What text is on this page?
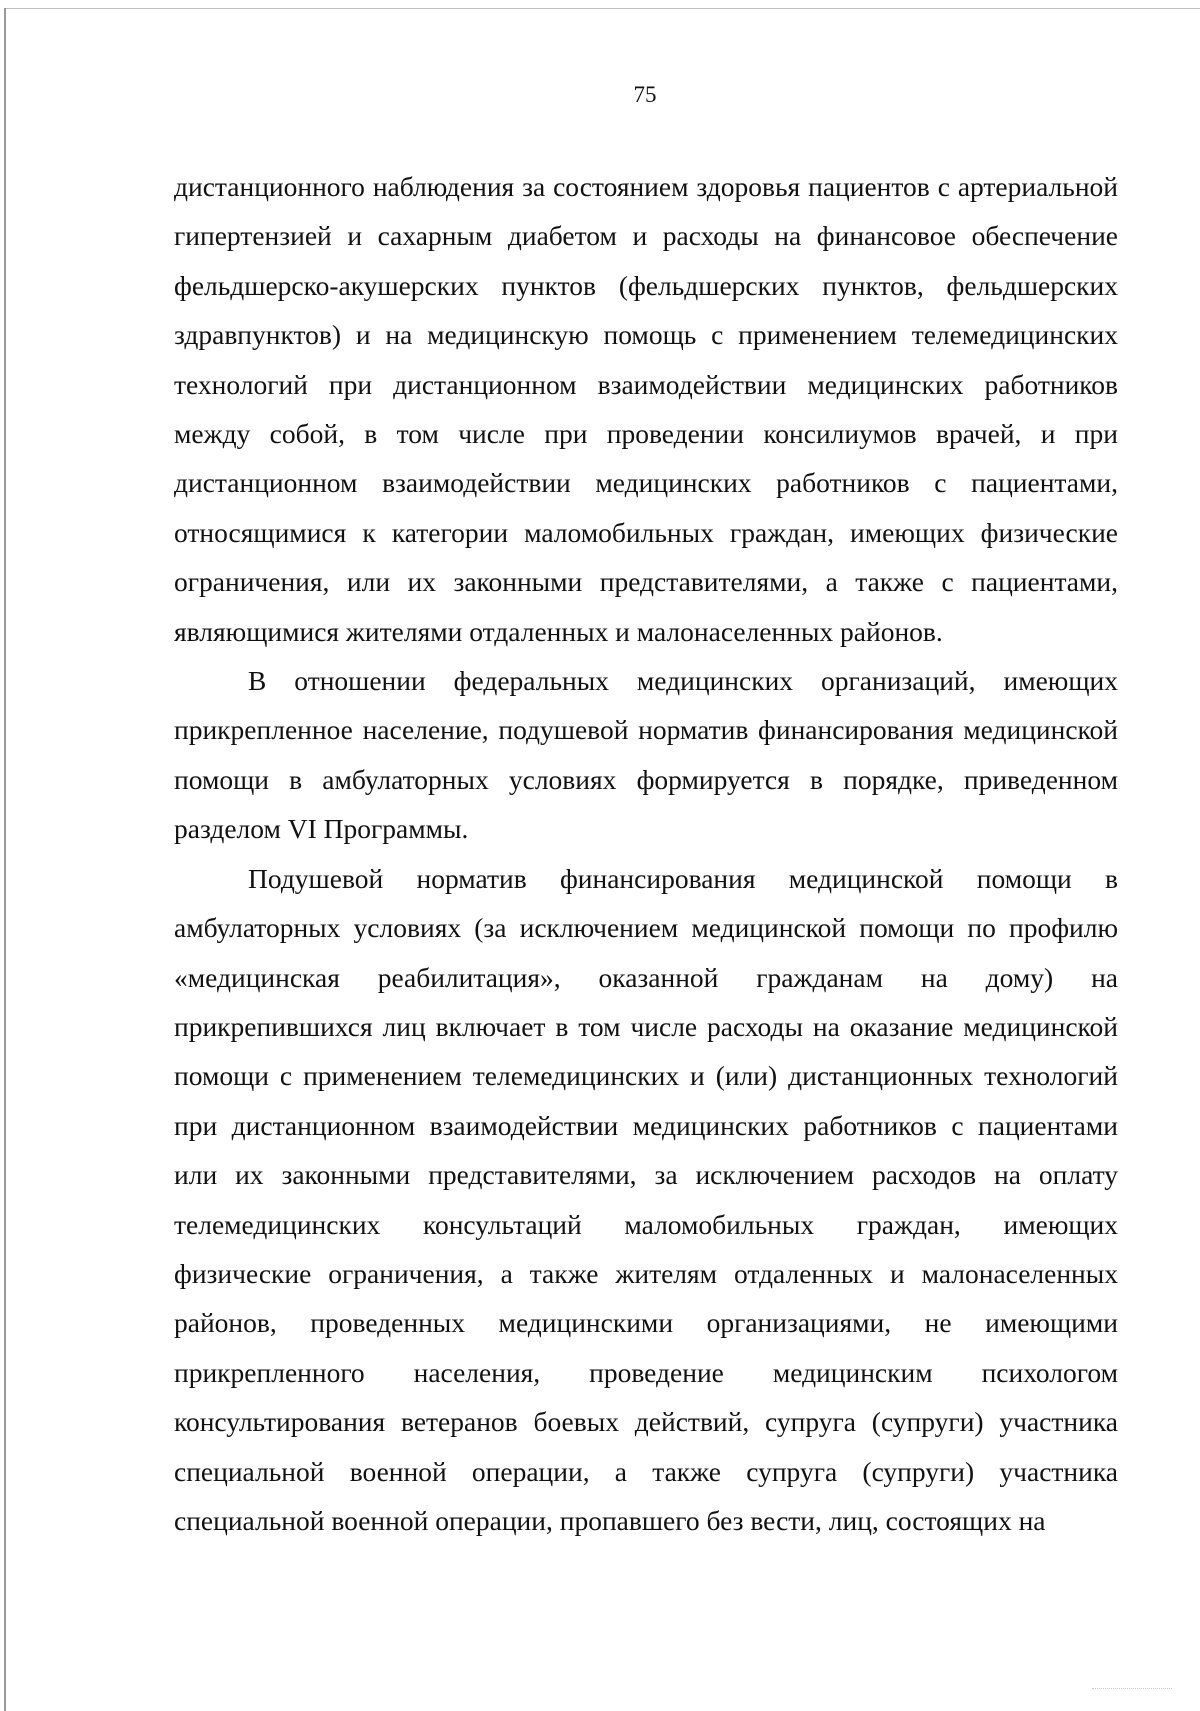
75

дистанционного наблюдения за состоянием здоровья пациентов с артериальной гипертензией и сахарным диабетом и расходы на финансовое обеспечение фельдшерско-акушерских пунктов (фельдшерских пунктов, фельдшерских здравпунктов) и на медицинскую помощь с применением телемедицинских технологий при дистанционном взаимодействии медицинских работников между собой, в том числе при проведении консилиумов врачей, и при дистанционном взаимодействии медицинских работников с пациентами, относящимися к категории маломобильных граждан, имеющих физические ограничения, или их законными представителями, а также с пациентами, являющимися жителями отдаленных и малонаселенных районов.

В отношении федеральных медицинских организаций, имеющих прикрепленное население, подушевой норматив финансирования медицинской помощи в амбулаторных условиях формируется в порядке, приведенном разделом VI Программы.

Подушевой норматив финансирования медицинской помощи в амбулаторных условиях (за исключением медицинской помощи по профилю «медицинская реабилитация», оказанной гражданам на дому) на прикрепившихся лиц включает в том числе расходы на оказание медицинской помощи с применением телемедицинских и (или) дистанционных технологий при дистанционном взаимодействии медицинских работников с пациентами или их законными представителями, за исключением расходов на оплату телемедицинских консультаций маломобильных граждан, имеющих физические ограничения, а также жителям отдаленных и малонаселенных районов, проведенных медицинскими организациями, не имеющими прикрепленного населения, проведение медицинским психологом консультирования ветеранов боевых действий, супруга (супруги) участника специальной военной операции, а также супруга (супруги) участника специальной военной операции, пропавшего без вести, лиц, состоящих на
